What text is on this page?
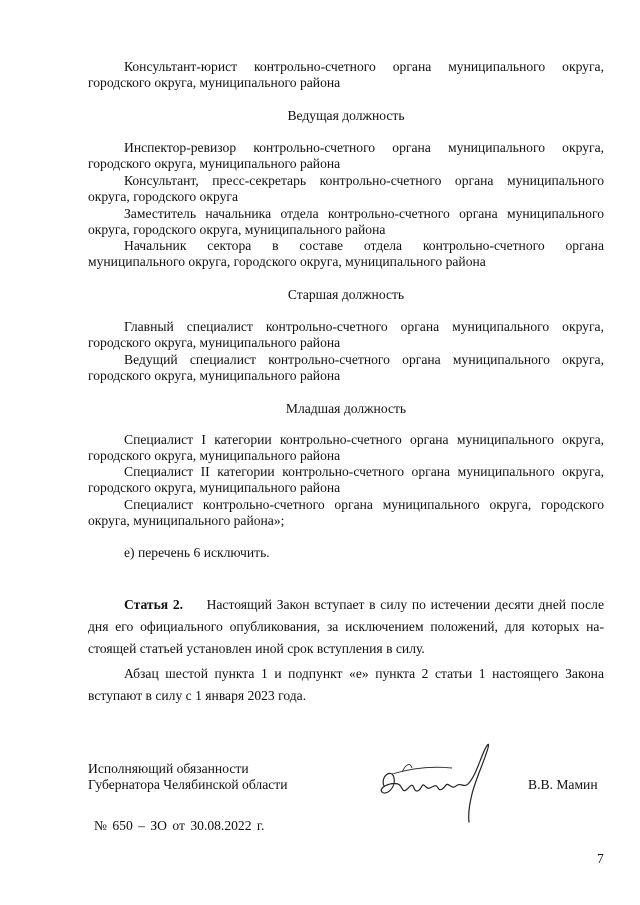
Консультант-юрист контрольно-счетного органа муниципального округа,
городского округа, муниципального района
Ведущая должность
Инспектор-ревизор контрольно-счетного органа муниципального округа,
городского округа, муниципального района
Консультант, пресс-секретарь контрольно-счетного органа муниципального
округа, городского округа
Заместитель начальника отдела контрольно-счетного органа муниципального
округа, городского округа, муниципального района
Начальник сектора в составе отдела контрольно-счетного органа
муниципального округа, городского округа, муниципального района
Старшая должность
Главный специалист контрольно-счетного органа муниципального округа,
городского округа, муниципального района
Ведущий специалист контрольно-счетного органа муниципального округа,
городского округа, муниципального района
Младшая должность
Специалист I категории контрольно-счетного органа муниципального округа,
городского округа, муниципального района
Специалист II категории контрольно-счетного органа муниципального округа,
городского округа, муниципального района
Специалист контрольно-счетного органа муниципального округа, городского
округа, муниципального района»;
е) перечень 6 исключить.
Статья 2. Настоящий Закон вступает в силу по истечении десяти дней после
дня его официального опубликования, за исключением положений, для которых на-
стоящей статьей установлен иной срок вступления в силу.
Абзац шестой пункта 1 и подпункт «е» пункта 2 статьи 1 настоящего Закона
вступают в силу с 1 января 2023 года.
Исполняющий обязанности
Губернатора Челябинской области	В.В. Мамин
№ 650 – ЗО от 30.08.2022 г.
7
